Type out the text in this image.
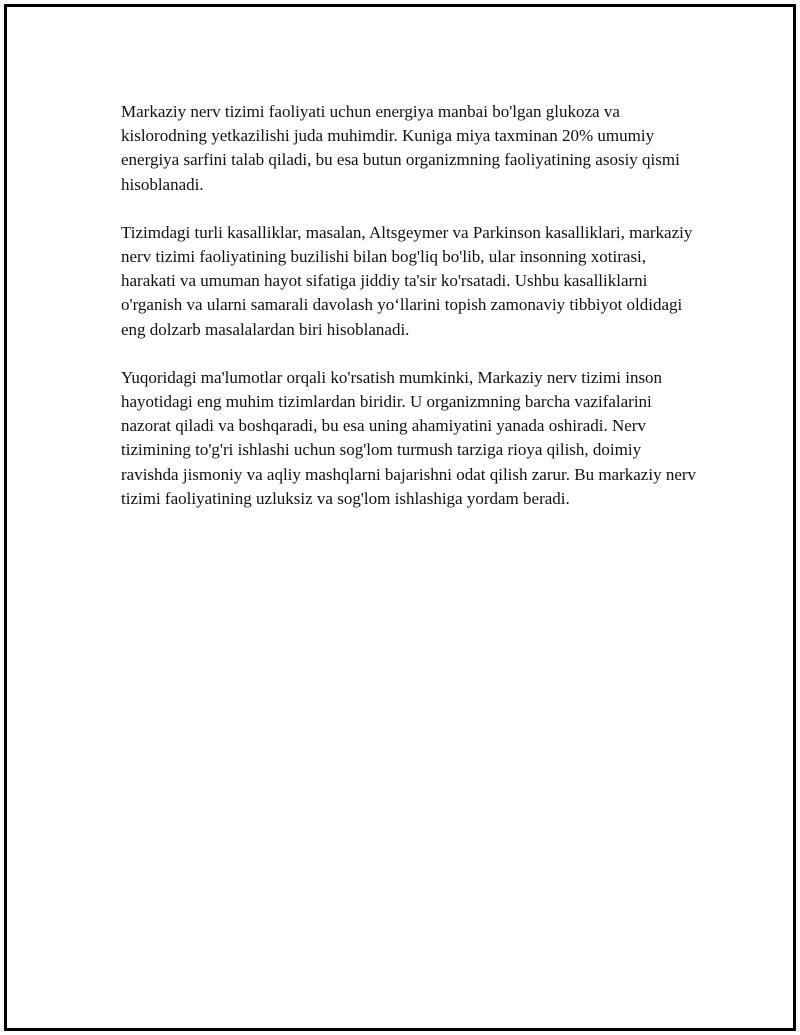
Markaziy nerv tizimi faoliyati uchun energiya manbai bo'lgan glukoza va kislorodning yetkazilishi juda muhimdir. Kuniga miya taxminan 20% umumiy energiya sarfini talab qiladi, bu esa butun organizmning faoliyatining asosiy qismi hisoblanadi.

Tizimdagi turli kasalliklar, masalan, Altsgeymer va Parkinson kasalliklari, markaziy nerv tizimi faoliyatining buzilishi bilan bog'liq bo'lib, ular insonning xotirasi, harakati va umuman hayot sifatiga jiddiy ta'sir ko'rsatadi. Ushbu kasalliklarni o'rganish va ularni samarali davolash yo‘llarini topish zamonaviy tibbiyot oldidagi eng dolzarb masalalardan biri hisoblanadi.

Yuqoridagi ma'lumotlar orqali ko'rsatish mumkinki, Markaziy nerv tizimi inson hayotidagi eng muhim tizimlardan biridir. U organizmning barcha vazifalarini nazorat qiladi va boshqaradi, bu esa uning ahamiyatini yanada oshiradi. Nerv tizimining to'g'ri ishlashi uchun sog'lom turmush tarziga rioya qilish, doimiy ravishda jismoniy va aqliy mashqlarni bajarishni odat qilish zarur. Bu markaziy nerv tizimi faoliyatining uzluksiz va sog'lom ishlashiga yordam beradi.
